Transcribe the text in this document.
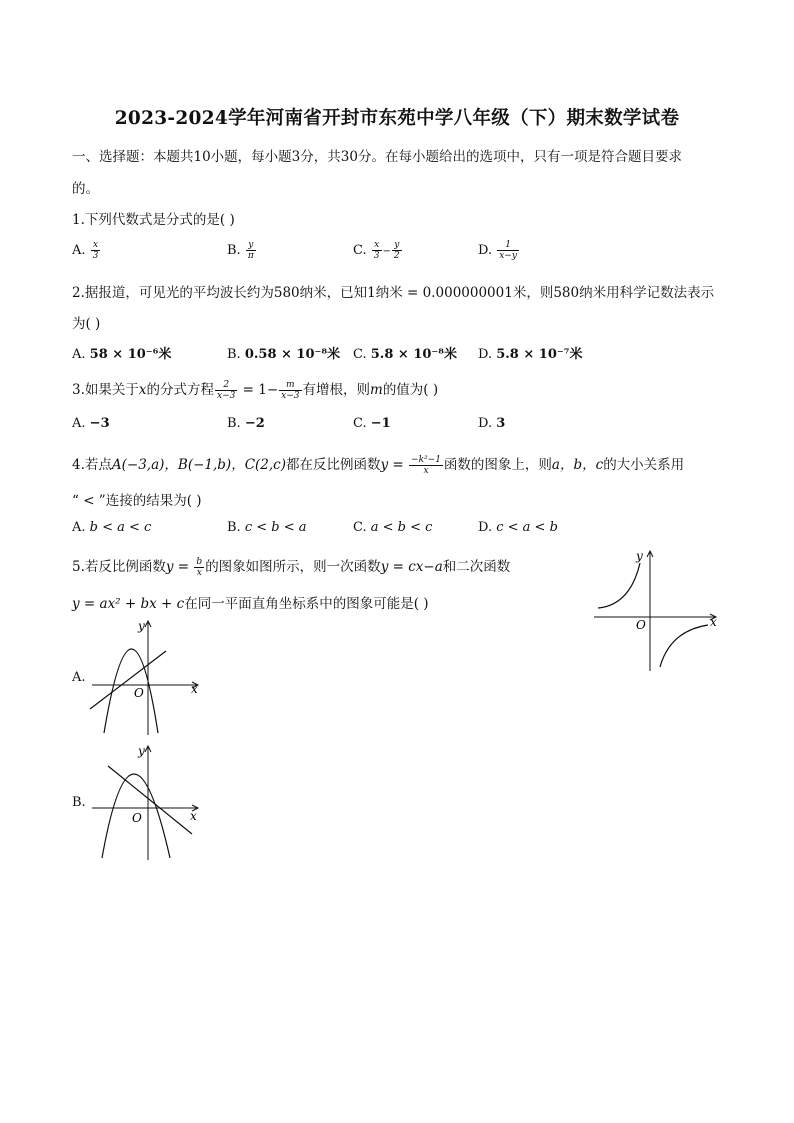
2023-2024学年河南省开封市东苑中学八年级（下）期末数学试卷
一、选择题：本题共10小题，每小题3分，共30分。在每小题给出的选项中，只有一项是符合题目要求
的。
1.下列代数式是分式的是( )
A. $\frac{x}{3}$	B. $\frac{y}{\pi}$	C. $\frac{x}{3} - \frac{y}{2}$	D. $\frac{1}{x-y}$
2.据报道，可见光的平均波长约为580纳米，已知1纳米 = 0.000000001米，则580纳米用科学记数法表示
为( )
A. 58 × 10⁻⁶米	B. 0.58 × 10⁻⁸米 C. 5.8 × 10⁻⁸米 D. 5.8 × 10⁻⁷米
3.如果关于x的分式方程 $\frac{2}{x-3} = 1- \frac{m}{x-3}$ 有增根，则m的值为( )
A. −3	B. −2	C. −1	D. 3
4.若点A(−3,a)，B(−1,b)，C(2,c)都在反比例函数$y = \frac{\text{−k²−1}}{x}$ 函数的图象上，则a，b，c的大小关系用
“ < ”连接的结果为( )
A. b < a < c	B. c < b < a	C. a < b < c	D. c < a < b
5.若反比例函数$y = \frac{b}{x}$ 的图象如图所示，则一次函数y = cx−a和二次函数
y = ax² + bx + c在同一平面直角坐标系中的图象可能是( )
y
x
O
A.
y
x
O
B.
y
x
O
